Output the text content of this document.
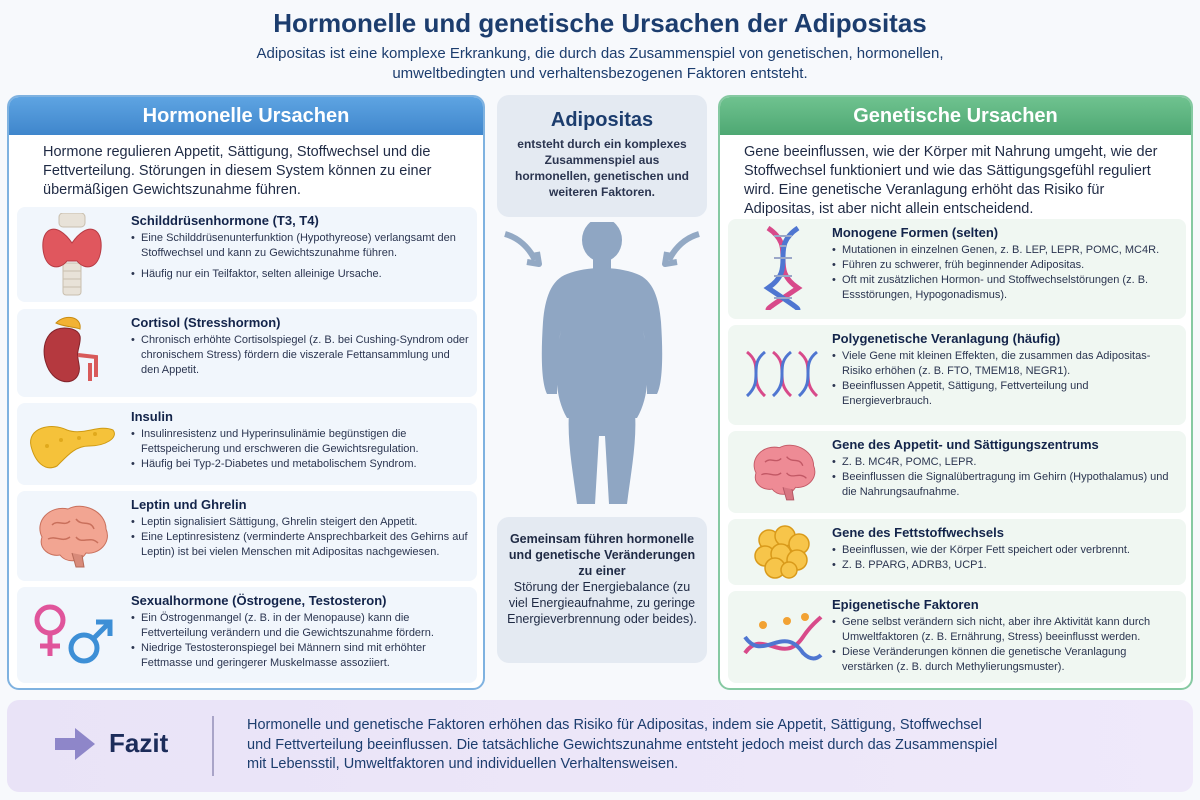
Hormonelle und genetische Ursachen der Adipositas
Adipositas ist eine komplexe Erkrankung, die durch das Zusammenspiel von genetischen, hormonellen, umweltbedingten und verhaltensbezogenen Faktoren entsteht.
Hormonelle Ursachen
Hormone regulieren Appetit, Sättigung, Stoffwechsel und die Fettverteilung. Störungen in diesem System können zu einer übermäßigen Gewichtszunahme führen.
Schilddrüsenhormone (T3, T4)
• Eine Schilddrüsenunterfunktion (Hypothyreose) verlangsamt den Stoffwechsel und kann zu Gewichtszunahme führen.
• Häufig nur ein Teilfaktor, selten alleinige Ursache.
Cortisol (Stresshormon)
• Chronisch erhöhte Cortisolspiegel (z. B. bei Cushing-Syndrom oder chronischem Stress) fördern die viszerale Fettansammlung und den Appetit.
Insulin
• Insulinresistenz und Hyperinsulinämie begünstigen die Fettspeicherung und erschweren die Gewichtsregulation.
• Häufig bei Typ-2-Diabetes und metabolischem Syndrom.
Leptin und Ghrelin
• Leptin signalisiert Sättigung, Ghrelin steigert den Appetit.
• Eine Leptinresistenz (verminderte Ansprechbarkeit des Gehirns auf Leptin) ist bei vielen Menschen mit Adipositas nachgewiesen.
Sexualhormone (Östrogene, Testosteron)
• Ein Östrogenmangel (z. B. in der Menopause) kann die Fettverteilung verändern und die Gewichtszunahme fördern.
• Niedrige Testosteronspiegel bei Männern sind mit erhöhter Fettmasse und geringerer Muskelmasse assoziiert.
Adipositas

entsteht durch ein komplexes Zusammenspiel aus hormonellen, genetischen und weiteren Faktoren.

Gemeinsam führen hormonelle und genetische Veränderungen zu einer

Störung der Energiebalance (zu viel Energieaufnahme, zu geringe Energieverbrennung oder beides).

Genetische Ursachen
Gene beeinflussen, wie der Körper mit Nahrung umgeht, wie der Stoffwechsel funktioniert und wie das Sättigungsgefühl reguliert wird. Eine genetische Veranlagung erhöht das Risiko für Adipositas, ist aber nicht allein entscheidend.
Monogene Formen (selten)
• Mutationen in einzelnen Genen, z. B. LEP, LEPR, POMC, MC4R.
• Führen zu schwerer, früh beginnender Adipositas.
• Oft mit zusätzlichen Hormon- und Stoffwechselstörungen (z. B. Essstörungen, Hypogonadismus).
Polygenetische Veranlagung (häufig)
• Viele Gene mit kleinen Effekten, die zusammen das Adipositas-Risiko erhöhen (z. B. FTO, TMEM18, NEGR1).
• Beeinflussen Appetit, Sättigung, Fettverteilung und Energieverbrauch.
Gene des Appetit- und Sättigungszentrums
• Z. B. MC4R, POMC, LEPR.
• Beeinflussen die Signalübertragung im Gehirn (Hypothalamus) und die Nahrungsaufnahme.
Gene des Fettstoffwechsels
• Beeinflussen, wie der Körper Fett speichert oder verbrennt.
• Z. B. PPARG, ADRB3, UCP1.
Epigenetische Faktoren
• Gene selbst verändern sich nicht, aber ihre Aktivität kann durch Umweltfaktoren (z. B. Ernährung, Stress) beeinflusst werden.
• Diese Veränderungen können die genetische Veranlagung verstärken (z. B. durch Methylierungsmuster).
Fazit
Hormonelle und genetische Faktoren erhöhen das Risiko für Adipositas, indem sie Appetit, Sättigung, Stoffwechsel und Fettverteilung beeinflussen. Die tatsächliche Gewichtszunahme entsteht jedoch meist durch das Zusammenspiel mit Lebensstil, Umweltfaktoren und individuellen Verhaltensweisen.
